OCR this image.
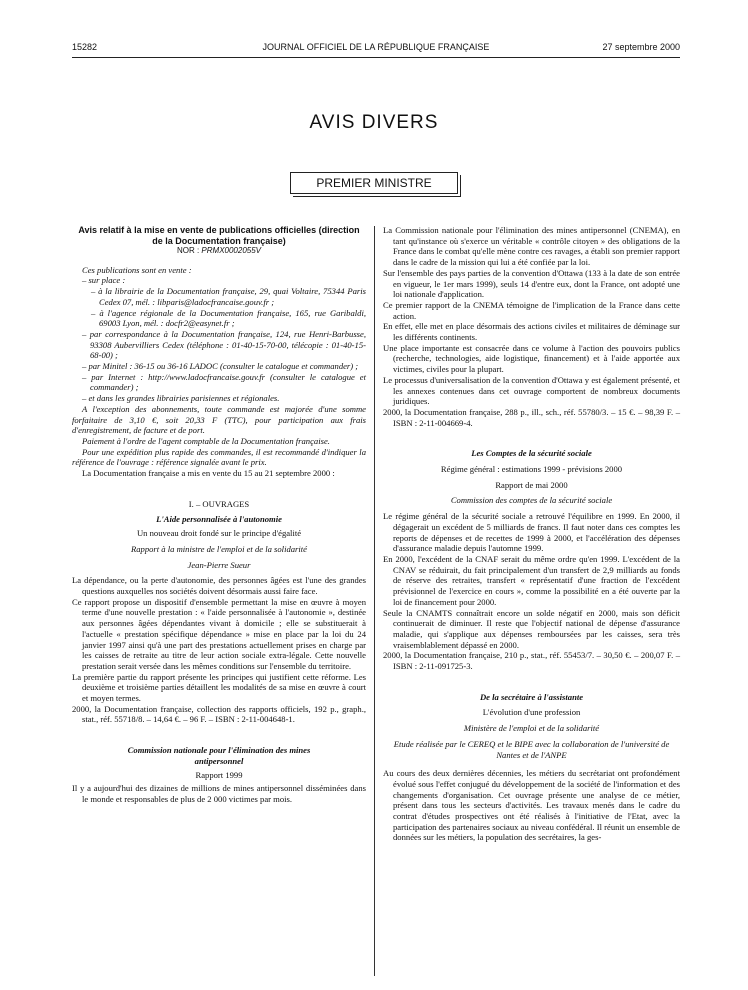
15282	JOURNAL OFFICIEL DE LA RÉPUBLIQUE FRANÇAISE	27 septembre 2000
AVIS DIVERS
PREMIER MINISTRE

Avis relatif à la mise en vente de publications officielles (direction de la Documentation française)

NOR : PRMX0002055V

Ces publications sont en vente :

– sur place :

– à la librairie de la Documentation française, 29, quai Voltaire, 75344 Paris Cedex 07, mél. : libparis@ladocfrancaise.gouv.fr ;

– à l'agence régionale de la Documentation française, 165, rue Garibaldi, 69003 Lyon, mél. : docfr2@easynet.fr ;

– par correspondance à la Documentation française, 124, rue Henri-Barbusse, 93308 Aubervilliers Cedex (téléphone : 01-40-15-70-00, télécopie : 01-40-15-68-00) ;

– par Minitel : 36-15 ou 36-16 LADOC (consulter le catalogue et commander) ;

– par Internet : http://www.ladocfrancaise.gouv.fr (consulter le catalogue et commander) ;

– et dans les grandes librairies parisiennes et régionales.

A l'exception des abonnements, toute commande est majorée d'une somme forfaitaire de 3,10 €, soit 20,33 F (TTC), pour participation aux frais d'enregistrement, de facture et de port.

Paiement à l'ordre de l'agent comptable de la Documentation française.

Pour une expédition plus rapide des commandes, il est recommandé d'indiquer la référence de l'ouvrage : référence signalée avant le prix.

La Documentation française a mis en vente du 15 au 21 septembre 2000 :

I. – OUVRAGES

L'Aide personnalisée à l'autonomie

Un nouveau droit fondé sur le principe d'égalité

Rapport à la ministre de l'emploi et de la solidarité

Jean-Pierre Sueur

La dépendance, ou la perte d'autonomie, des personnes âgées est l'une des grandes questions auxquelles nos sociétés doivent désormais aussi faire face.

Ce rapport propose un dispositif d'ensemble permettant la mise en œuvre à moyen terme d'une nouvelle prestation : « l'aide personnalisée à l'autonomie », destinée aux personnes âgées dépendantes vivant à domicile ; elle se substituerait à l'actuelle « prestation spécifique dépendance » mise en place par la loi du 24 janvier 1997 ainsi qu'à une part des prestations actuellement prises en charge par les caisses de retraite au titre de leur action sociale extra-légale. Cette nouvelle prestation serait versée dans les mêmes conditions sur l'ensemble du territoire.

La première partie du rapport présente les principes qui justifient cette réforme. Les deuxième et troisième parties détaillent les modalités de sa mise en œuvre à court et moyen termes.

2000, la Documentation française, collection des rapports officiels, 192 p., graph., stat., réf. 55718/8. – 14,64 €. – 96 F. – ISBN : 2-11-004648-1.

Commission nationale pour l'élimination des mines antipersonnel

Rapport 1999

Il y a aujourd'hui des dizaines de millions de mines antipersonnel disséminées dans le monde et responsables de plus de 2 000 victimes par mois.

La Commission nationale pour l'élimination des mines antipersonnel (CNEMA), en tant qu'instance où s'exerce un véritable « contrôle citoyen » des obligations de la France dans le combat qu'elle mène contre ces ravages, a établi son premier rapport dans le cadre de la mission qui lui a été confiée par la loi.

Sur l'ensemble des pays parties de la convention d'Ottawa (133 à la date de son entrée en vigueur, le 1er mars 1999), seuls 14 d'entre eux, dont la France, ont adopté une loi nationale d'application.

Ce premier rapport de la CNEMA témoigne de l'implication de la France dans cette action.

En effet, elle met en place désormais des actions civiles et militaires de déminage sur les différents continents.

Une place importante est consacrée dans ce volume à l'action des pouvoirs publics (recherche, technologies, aide logistique, financement) et à l'aide apportée aux victimes, civiles pour la plupart.

Le processus d'universalisation de la convention d'Ottawa y est également présenté, et les annexes contenues dans cet ouvrage comportent de nombreux documents juridiques.

2000, la Documentation française, 288 p., ill., sch., réf. 55780/3. – 15 €. – 98,39 F. – ISBN : 2-11-004669-4.

Les Comptes de la sécurité sociale

Régime général : estimations 1999 - prévisions 2000

Rapport de mai 2000

Commission des comptes de la sécurité sociale

Le régime général de la sécurité sociale a retrouvé l'équilibre en 1999. En 2000, il dégagerait un excédent de 5 milliards de francs. Il faut noter dans ces comptes les reports de dépenses et de recettes de 1999 à 2000, et l'accélération des dépenses d'assurance maladie depuis l'automne 1999.

En 2000, l'excédent de la CNAF serait du même ordre qu'en 1999. L'excédent de la CNAV se réduirait, du fait principalement d'un transfert de 2,9 milliards au fonds de réserve des retraites, transfert « représentatif d'une fraction de l'excédent prévisionnel de l'exercice en cours », comme la possibilité en a été ouverte par la loi de financement pour 2000.

Seule la CNAMTS connaîtrait encore un solde négatif en 2000, mais son déficit continuerait de diminuer. Il reste que l'objectif national de dépense d'assurance maladie, qui s'applique aux dépenses remboursées par les caisses, sera très vraisemblablement dépassé en 2000.

2000, la Documentation française, 210 p., stat., réf. 55453/7. – 30,50 €. – 200,07 F. – ISBN : 2-11-091725-3.

De la secrétaire à l'assistante

L'évolution d'une profession

Ministère de l'emploi et de la solidarité

Etude réalisée par le CEREQ et le BIPE avec la collaboration de l'université de Nantes et de l'ANPE

Au cours des deux dernières décennies, les métiers du secrétariat ont profondément évolué sous l'effet conjugué du développement de la société de l'information et des changements d'organisation. Cet ouvrage présente une analyse de ce métier, présent dans tous les secteurs d'activités. Les travaux menés dans le cadre du contrat d'études prospectives ont été réalisés à l'initiative de l'Etat, avec la participation des partenaires sociaux au niveau confédéral. Il réunit un ensemble de données sur les métiers, la population des secrétaires, la ges-
